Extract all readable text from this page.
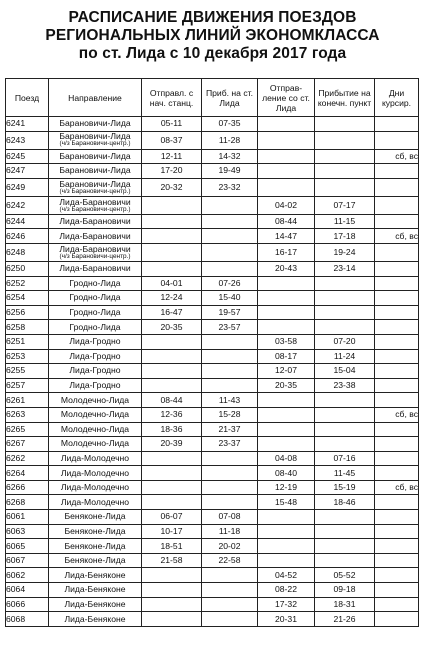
РАСПИСАНИЕ ДВИЖЕНИЯ ПОЕЗДОВ
РЕГИОНАЛЬНЫХ ЛИНИЙ ЭКОНОМКЛАССА
по ст. Лида с 10 декабря 2017 года
Поезд	Направление	Отправл. с нач. станц.	Приб. на ст. Лида	Отправ-ление со ст. Лида	Прибытие на конечн. пункт	Дни курсир.
6241	Барановичи-Лида	05-11	07-35			
6243	Барановичи-Лида
(ч/з Барановичи-центр.)	08-37	11-28			
6245	Барановичи-Лида	12-11	14-32			сб, вс
6247	Барановичи-Лида	17-20	19-49			
6249	Барановичи-Лида
(ч/з Барановичи-центр.)	20-32	23-32			
6242	Лида-Барановичи
(ч/з Барановичи-центр.)			04-02	07-17	
6244	Лида-Барановичи			08-44	11-15	
6246	Лида-Барановичи			14-47	17-18	сб, вс
6248	Лида-Барановичи
(ч/з Барановичи-центр.)			16-17	19-24	
6250	Лида-Барановичи			20-43	23-14	
6252	Гродно-Лида	04-01	07-26			
6254	Гродно-Лида	12-24	15-40			
6256	Гродно-Лида	16-47	19-57			
6258	Гродно-Лида	20-35	23-57			
6251	Лида-Гродно			03-58	07-20	
6253	Лида-Гродно			08-17	11-24	
6255	Лида-Гродно			12-07	15-04	
6257	Лида-Гродно			20-35	23-38	
6261	Молодечно-Лида	08-44	11-43			
6263	Молодечно-Лида	12-36	15-28			сб, вс
6265	Молодечно-Лида	18-36	21-37			
6267	Молодечно-Лида	20-39	23-37			
6262	Лида-Молодечно			04-08	07-16	
6264	Лида-Молодечно			08-40	11-45	
6266	Лида-Молодечно			12-19	15-19	сб, вс
6268	Лида-Молодечно			15-48	18-46	
6061	Беняконе-Лида	06-07	07-08			
6063	Беняконе-Лида	10-17	11-18			
6065	Беняконе-Лида	18-51	20-02			
6067	Беняконе-Лида	21-58	22-58			
6062	Лида-Беняконе			04-52	05-52	
6064	Лида-Беняконе			08-22	09-18	
6066	Лида-Беняконе			17-32	18-31	
6068	Лида-Беняконе			20-31	21-26	
